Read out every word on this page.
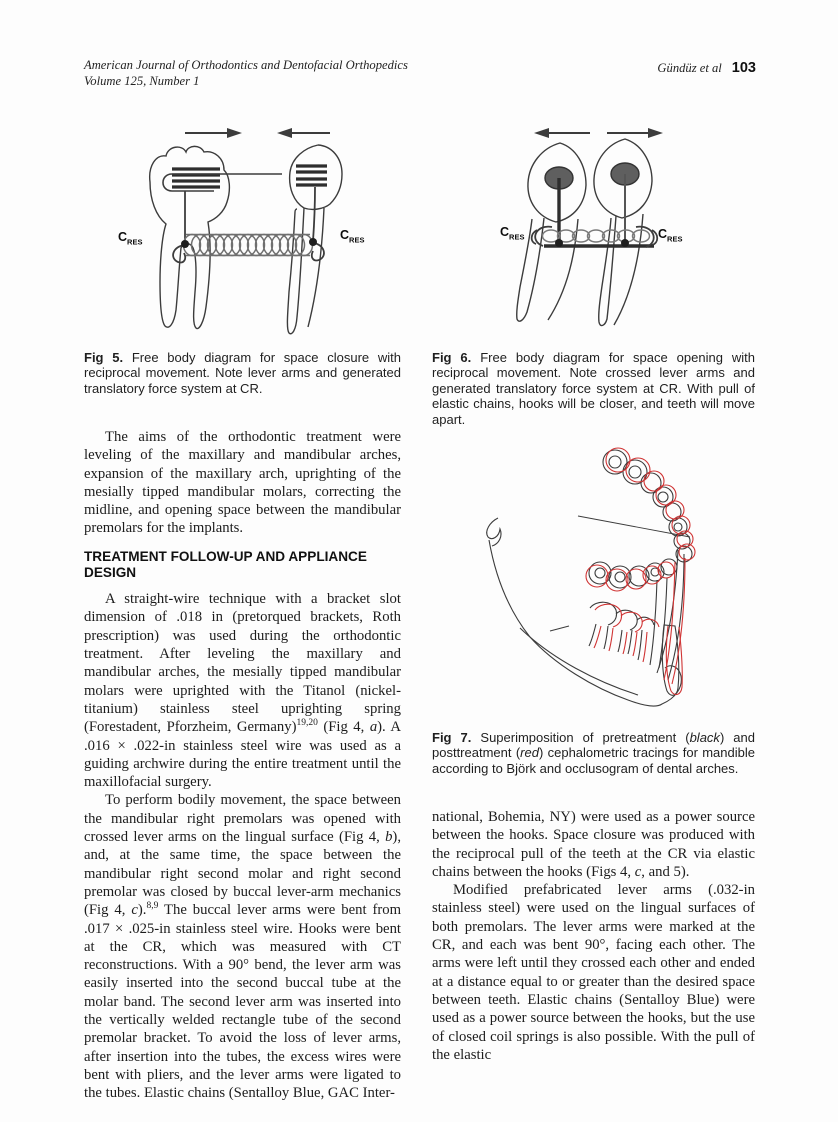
American Journal of Orthodontics and Dentofacial Orthopedics
Volume 125, Number 1
Gündüz et al 103
$C_{RES}$	$C_{RES}$
Fig 5. Free body diagram for space closure with reciprocal movement. Note lever arms and generated translatory force system at CR.
$C_{RES}$	$C_{RES}$
Fig 6. Free body diagram for space opening with reciprocal movement. Note crossed lever arms and generated translatory force system at CR. With pull of elastic chains, hooks will be closer, and teeth will move apart.

The aims of the orthodontic treatment were leveling of the maxillary and mandibular arches, expansion of the maxillary arch, uprighting of the mesially tipped mandibular molars, correcting the midline, and opening space between the mandibular premolars for the implants.

TREATMENT FOLLOW-UP AND APPLIANCE DESIGN

A straight-wire technique with a bracket slot dimension of .018 in (pretorqued brackets, Roth prescription) was used during the orthodontic treatment. After leveling the maxillary and mandibular arches, the mesially tipped mandibular molars were uprighted with the Titanol (nickel-titanium) stainless steel uprighting spring (Forestadent, Pforzheim, Germany)$^{19,20}$ (Fig 4, a). A .016 × .022-in stainless steel wire was used as a guiding archwire during the entire treatment until the maxillofacial surgery.

To perform bodily movement, the space between the mandibular right premolars was opened with crossed lever arms on the lingual surface (Fig 4, b), and, at the same time, the space between the mandibular right second molar and right second premolar was closed by buccal lever-arm mechanics (Fig 4, c).$^{8,9}$ The buccal lever arms were bent from .017 × .025-in stainless steel wire. Hooks were bent at the CR, which was measured with CT reconstructions. With a 90° bend, the lever arm was easily inserted into the second buccal tube at the molar band. The second lever arm was inserted into the vertically welded rectangle tube of the second premolar bracket. To avoid the loss of lever arms, after insertion into the tubes, the excess wires were bent with pliers, and the lever arms were ligated to the tubes. Elastic chains (Sentalloy Blue, GAC Inter-

Fig 7. Superimposition of pretreatment (black) and posttreatment (red) cephalometric tracings for mandible according to Björk and occlusogram of dental arches.

national, Bohemia, NY) were used as a power source between the hooks. Space closure was produced with the reciprocal pull of the teeth at the CR via elastic chains between the hooks (Figs 4, c, and 5).

Modified prefabricated lever arms (.032-in stainless steel) were used on the lingual surfaces of both premolars. The lever arms were marked at the CR, and each was bent 90°, facing each other. The arms were left until they crossed each other and ended at a distance equal to or greater than the desired space between teeth. Elastic chains (Sentalloy Blue) were used as a power source between the hooks, but the use of closed coil springs is also possible. With the pull of the elastic
